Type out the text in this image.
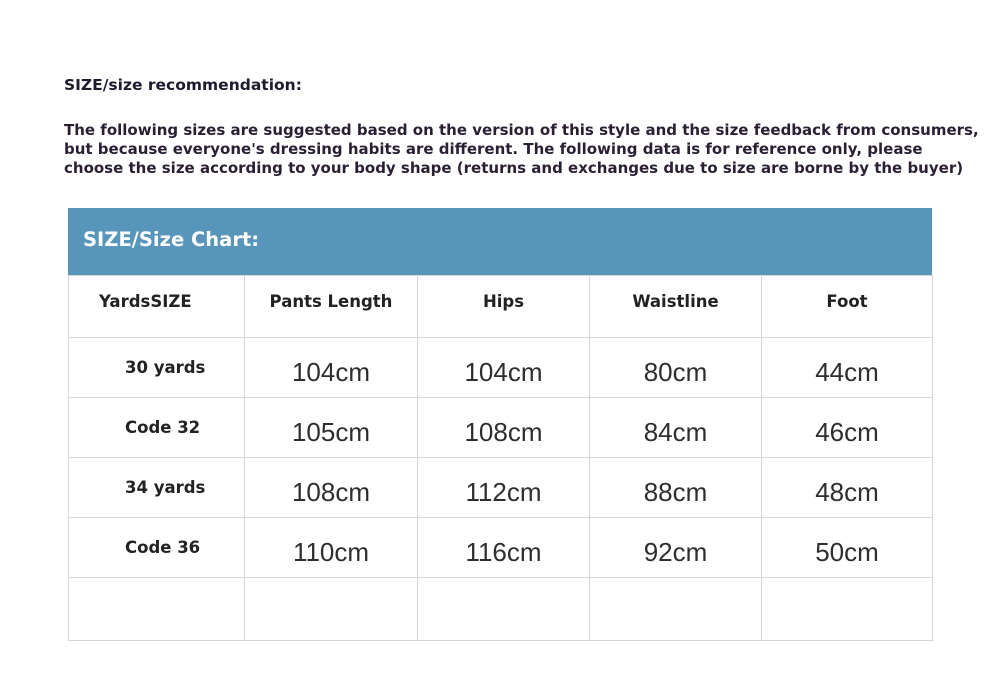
SIZE/size recommendation:
The following sizes are suggested based on the version of this style and the size feedback from consumers,
but because everyone's dressing habits are different. The following data is for reference only, please
choose the size according to your body shape (returns and exchanges due to size are borne by the buyer)
SIZE/Size Chart:
YardsSIZE	Pants Length	Hips	Waistline	Foot
30 yards	104cm	104cm	80cm	44cm
Code 32	105cm	108cm	84cm	46cm
34 yards	108cm	112cm	88cm	48cm
Code 36	110cm	116cm	92cm	50cm
